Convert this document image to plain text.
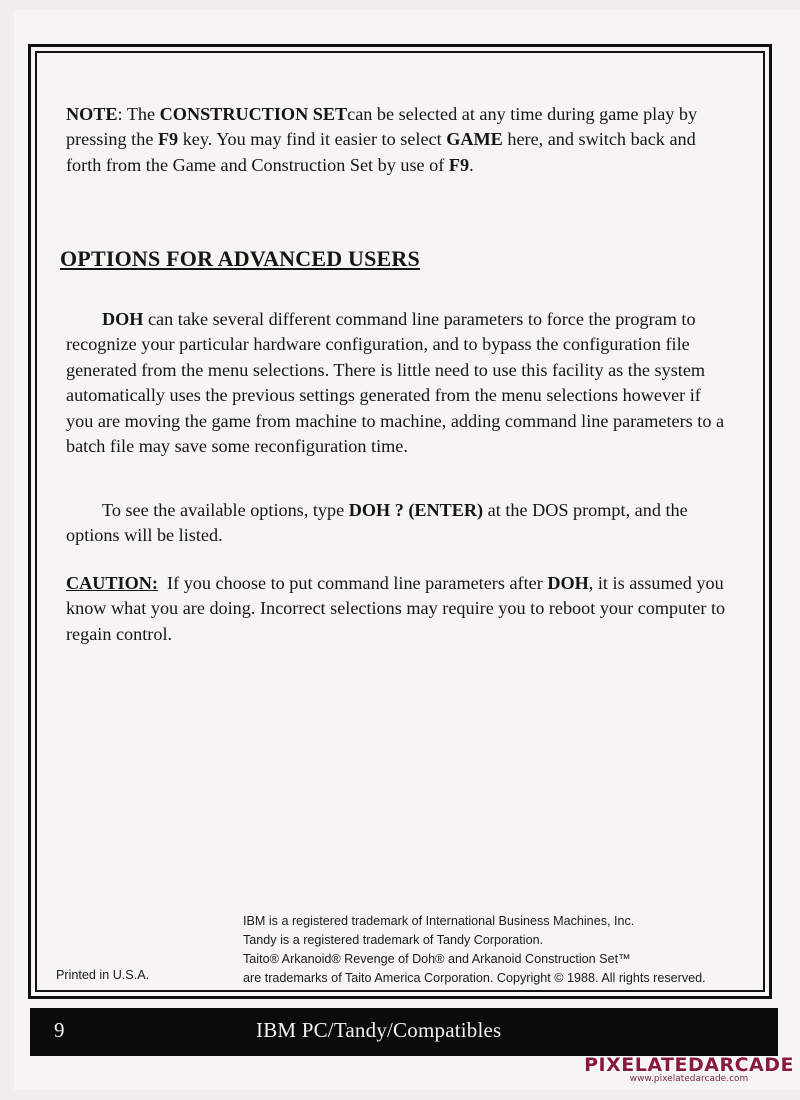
NOTE: The CONSTRUCTION SETcan be selected at any time during game play by pressing the F9 key. You may find it easier to select GAME here, and switch back and forth from the Game and Construction Set by use of F9.

OPTIONS FOR ADVANCED USERS

DOH can take several different command line parameters to force the program to recognize your particular hardware configuration, and to bypass the configuration file generated from the menu selections. There is little need to use this facility as the system automatically uses the previous settings generated from the menu selections however if you are moving the game from machine to machine, adding command line parameters to a batch file may save some reconfiguration time.

To see the available options, type DOH ? (ENTER) at the DOS prompt, and the options will be listed.

CAUTION:  If you choose to put command line parameters after DOH, it is assumed you know what you are doing. Incorrect selections may require you to reboot your computer to regain control.

IBM is a registered trademark of International Business Machines, Inc.
Tandy is a registered trademark of Tandy Corporation.
Taito® Arkanoid® Revenge of Doh® and Arkanoid Construction Set™
are trademarks of Taito America Corporation. Copyright © 1988. All rights reserved.
Printed in U.S.A.
9	IBM PC/Tandy/Compatibles
PIXELATEDARCADE
www.pixelatedarcade.com
